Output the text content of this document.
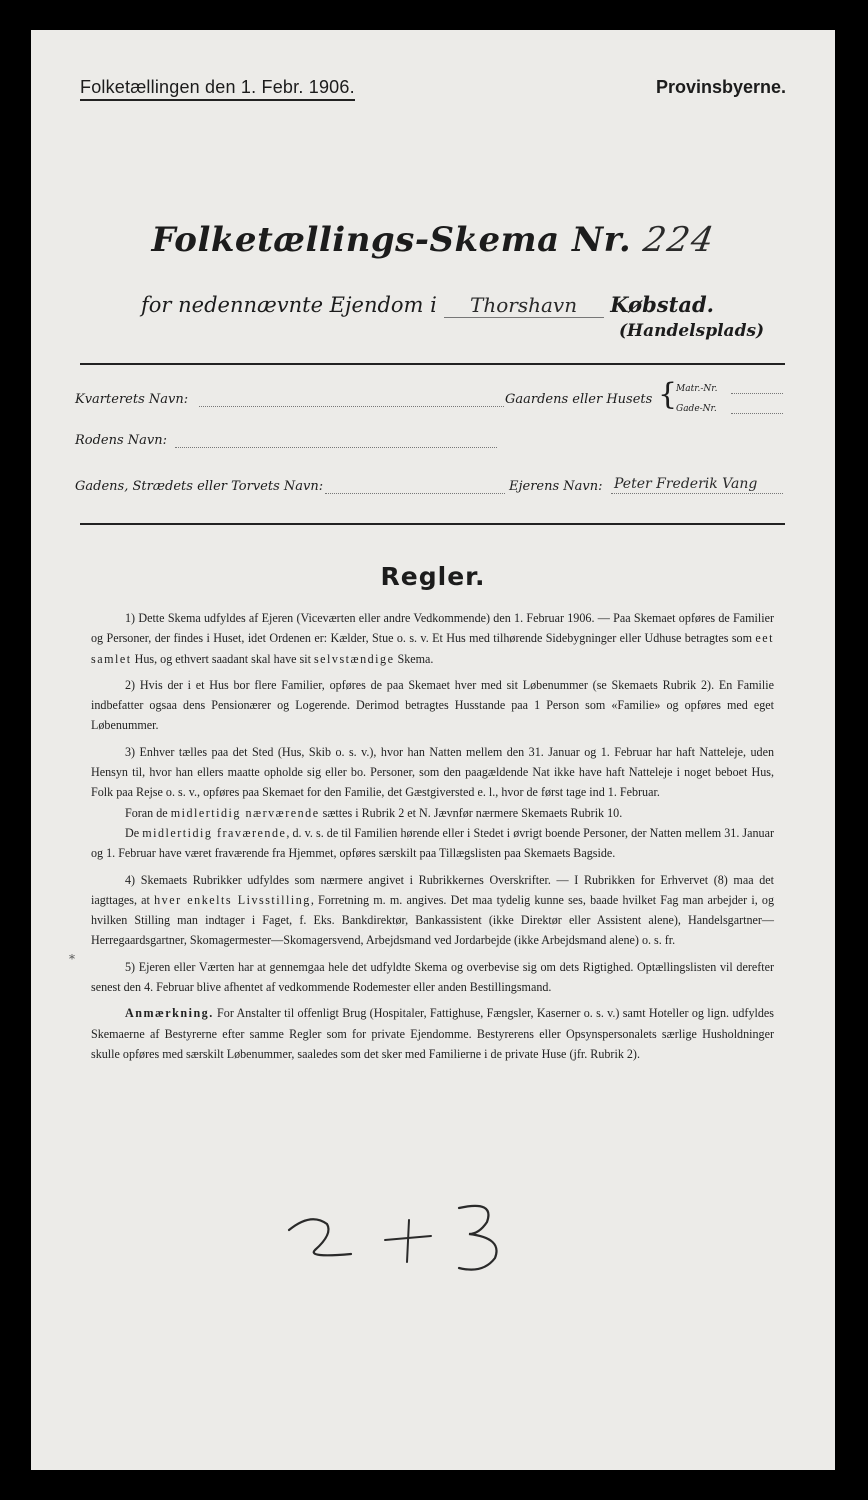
Folketællingen den 1. Febr. 1906.	Provinsbyerne.
Folketællings-Skema Nr. 224
for nedennævnte Ejendom i Thorshavn Købstad.
(Handelsplads)
Kvarterets Navn:	Gaardens eller Husets {
Matr.-Nr.
Gade-Nr.
Rodens Navn:
Gadens, Strædets eller Torvets Navn:	Ejerens Navn: Peter Frederik Vang
Regler.

1) Dette Skema udfyldes af Ejeren (Viceværten eller andre Vedkommende) den 1. Februar 1906. — Paa Skemaet opføres de Familier og Personer, der findes i Huset, idet Ordenen er: Kælder, Stue o. s. v. Et Hus med tilhørende Sidebygninger eller Udhuse betragtes som eet samlet Hus, og ethvert saadant skal have sit selvstændige Skema.

2) Hvis der i et Hus bor flere Familier, opføres de paa Skemaet hver med sit Løbenummer (se Skemaets Rubrik 2). En Familie indbefatter ogsaa dens Pensionærer og Logerende. Derimod betragtes Husstande paa 1 Person som «Familie» og opføres med eget Løbenummer.

3) Enhver tælles paa det Sted (Hus, Skib o. s. v.), hvor han Natten mellem den 31. Januar og 1. Februar har haft Natteleje, uden Hensyn til, hvor han ellers maatte opholde sig eller bo. Personer, som den paagældende Nat ikke have haft Natteleje i noget beboet Hus, Folk paa Rejse o. s. v., opføres paa Skemaet for den Familie, det Gæstgiversted e. l., hvor de først tage ind 1. Februar.

Foran de midlertidig nærværende sættes i Rubrik 2 et N. Jævnfør nærmere Skemaets Rubrik 10.

De midlertidig fraværende, d. v. s. de til Familien hørende eller i Stedet i øvrigt boende Personer, der Natten mellem 31. Januar og 1. Februar have været fraværende fra Hjemmet, opføres særskilt paa Tillægslisten paa Skemaets Bagside.

4) Skemaets Rubrikker udfyldes som nærmere angivet i Rubrikkernes Overskrifter. — I Rubrikken for Erhvervet (8) maa det iagttages, at hver enkelts Livsstilling, Forretning m. m. angives. Det maa tydelig kunne ses, baade hvilket Fag man arbejder i, og hvilken Stilling man indtager i Faget, f. Eks. Bankdirektør, Bankassistent (ikke Direktør eller Assistent alene), Handelsgartner—Herregaardsgartner, Skomagermester—Skomagersvend, Arbejdsmand ved Jordarbejde (ikke Arbejdsmand alene) o. s. fr.

5) Ejeren eller Værten har at gennemgaa hele det udfyldte Skema og overbevise sig om dets Rigtighed. Optællingslisten vil derefter senest den 4. Februar blive afhentet af vedkommende Rodemester eller anden Bestillingsmand.

Anmærkning. For Anstalter til offenligt Brug (Hospitaler, Fattighuse, Fængsler, Kaserner o. s. v.) samt Hoteller og lign. udfyldes Skemaerne af Bestyrerne efter samme Regler som for private Ejendomme. Bestyrerens eller Opsynspersonalets særlige Husholdninger skulle opføres med særskilt Løbenummer, saaledes som det sker med Familierne i de private Huse (jfr. Rubrik 2).

*
